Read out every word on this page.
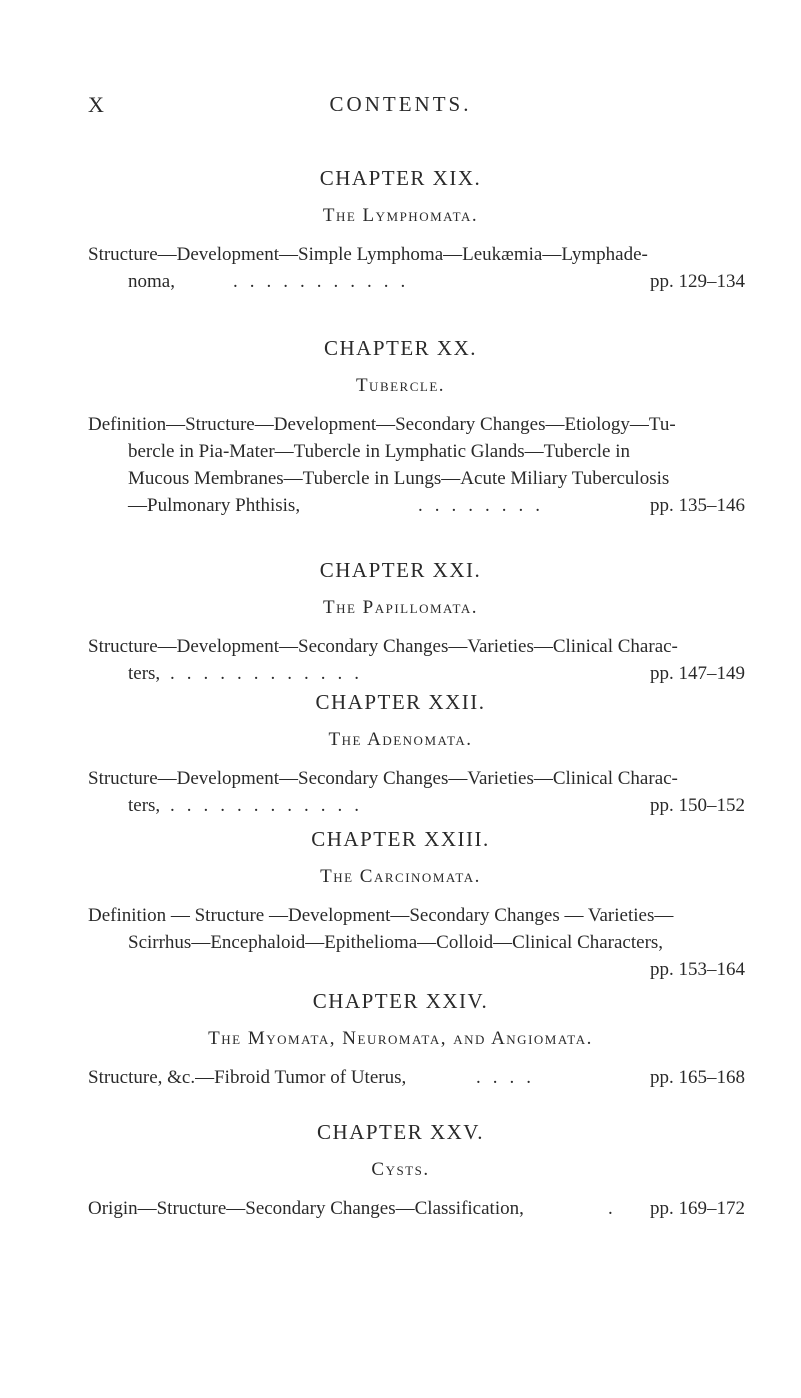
X	CONTENTS.
CHAPTER XIX.
The Lymphomata.
Structure—Development—Simple Lymphoma—Leukæmia—Lymphade-
noma,	...........	pp. 129–134
CHAPTER XX.
Tubercle.
Definition—Structure—Development—Secondary Changes—Etiology—Tu-
bercle in Pia-Mater—Tubercle in Lymphatic Glands—Tubercle in
Mucous Membranes—Tubercle in Lungs—Acute Miliary Tuberculosis
—Pulmonary Phthisis,	........	pp. 135–146
CHAPTER XXI.
The Papillomata.
Structure—Development—Secondary Changes—Varieties—Clinical Charac-
ters, ............	pp. 147–149
CHAPTER XXII.
The Adenomata.
Structure—Development—Secondary Changes—Varieties—Clinical Charac-
ters, ............	pp. 150–152
CHAPTER XXIII.
The Carcinomata.
Definition — Structure —Development—Secondary Changes — Varieties—
Scirrhus—Encephaloid—Epithelioma—Colloid—Clinical Characters,
pp. 153–164
CHAPTER XXIV.
The Myomata, Neuromata, and Angiomata.
Structure, &c.—Fibroid Tumor of Uterus,	....	pp. 165–168
CHAPTER XXV.
Cysts.
Origin—Structure—Secondary Changes—Classification,	. pp. 169–172
